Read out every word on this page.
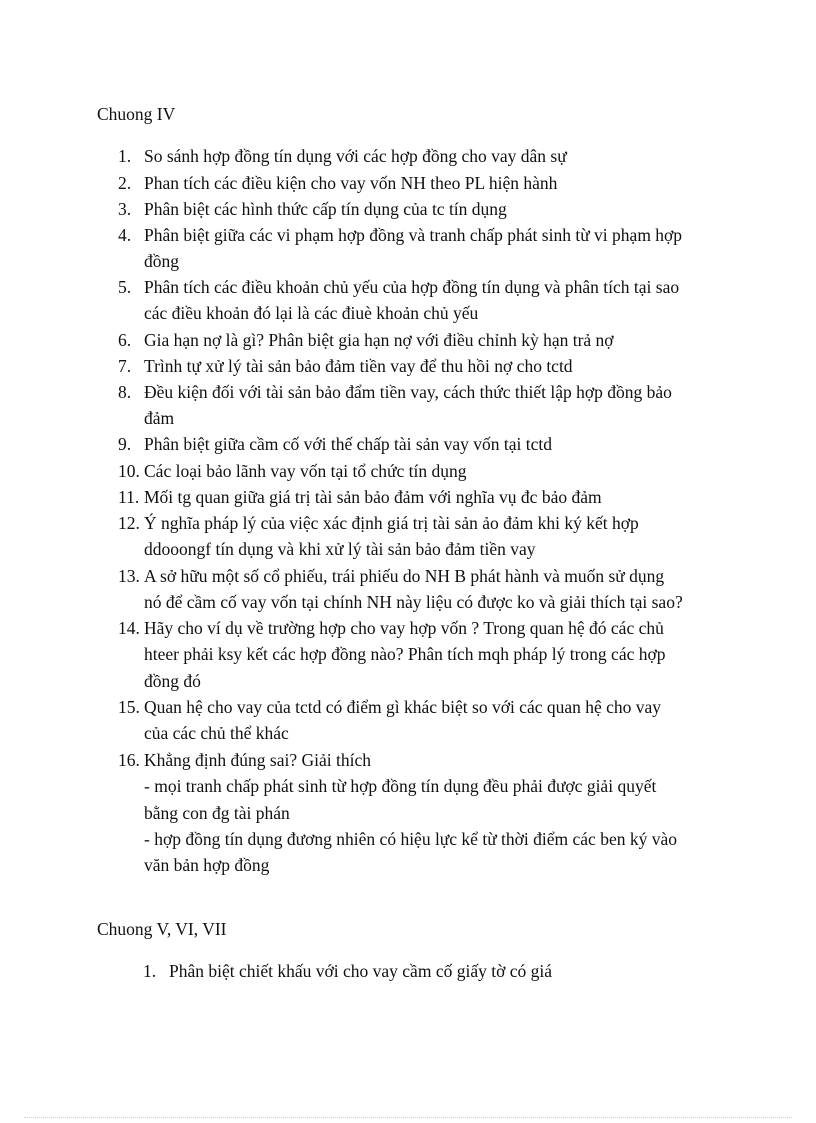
Chuong IV
1. So sánh hợp đồng tín dụng với các hợp đồng cho vay dân sự
2. Phan tích các điều kiện cho vay vốn NH theo PL hiện hành
3. Phân biệt các hình thức cấp tín dụng của tc tín dụng
4. Phân biệt giữa các vi phạm hợp đồng và tranh chấp phát sinh từ vi phạm hợp
đồng
5. Phân tích các điều khoản chủ yếu của hợp đồng tín dụng và phân tích tại sao
các điều khoản đó lại là các điuè khoản chủ yếu
6. Gia hạn nợ là gì? Phân biệt gia hạn nợ với điều chỉnh kỳ hạn trả nợ
7. Trình tự xử lý tài sản bảo đảm tiền vay để thu hồi nợ cho tctd
8. Đều kiện đối với tài sản bảo đẩm tiền vay, cách thức thiết lập hợp đồng bảo
đảm
9. Phân biệt giữa cầm cố với thế chấp tài sản vay vốn tại tctd
10. Các loại bảo lãnh vay vốn tại tổ chức tín dụng
11. Mối tg quan giữa giá trị tài sản bảo đảm với nghĩa vụ đc bảo đảm
12. Ý nghĩa pháp lý của việc xác định giá trị tài sản ảo đảm khi ký kết hợp
ddooongf tín dụng và khi xử lý tài sản bảo đảm tiền vay
13. A sở hữu một số cổ phiếu, trái phiếu do NH B phát hành và muốn sử dụng
nó để cầm cố vay vốn tại chính NH này liệu có được ko và giải thích tại sao?
14. Hãy cho ví dụ về trường hợp cho vay hợp vốn ? Trong quan hệ đó các chủ
hteer phải ksy kết các hợp đồng nào? Phân tích mqh pháp lý trong các hợp
đồng đó
15. Quan hệ cho vay của tctd có điểm gì khác biệt so với các quan hệ cho vay
của các chủ thể khác
16. Khẳng định đúng sai? Giải thích
- mọi tranh chấp phát sinh từ hợp đồng tín dụng đều phải được giải quyết
bằng con đg tài phán
- hợp đồng tín dụng đương nhiên có hiệu lực kể từ thời điểm các ben ký vào
văn bản hợp đồng
Chuong V, VI, VII
1. Phân biệt chiết khấu với cho vay cầm cố giấy tờ có giá
